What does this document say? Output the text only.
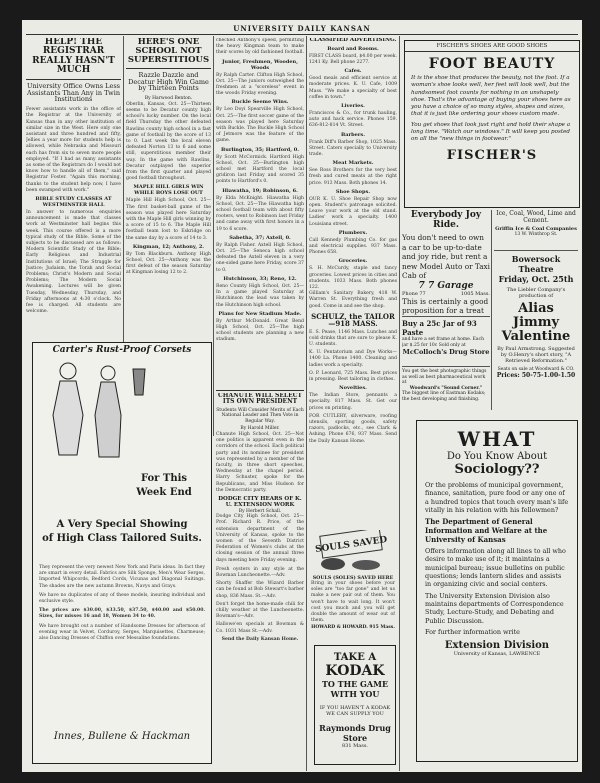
UNIVERSITY DAILY KANSAN
HELP! THE REGISTRAR REALLY HASN'T MUCH
University Office Owns Less Assistants Than Any in Twin Institutions
Fewer assistants work in the office of the Registrar at the University of Kansas than in any other institution of similar size in the West. Here only one assistant and three hundred and fifty, Jellies a year more for students help is allowed, while Nebraska and Missouri each has from six to seven more people employed. "If I had as many assistants as some of the Registrars do I would not know how to handle all of them," said Registrar Foster. "Again this morning, thanks to the student help now, I have been swamped with work."
BIBLE STUDY CLASSES AT WESTMINSTER HALL
In answer to numerous enquiries announcement is made that classes work at Westminster hall begins this week. This course offered is a more typical study of the Bible. Some of the subjects to be discussed are as follows: Modern Scientific Study of the Bible; Early Religious and Industrial Institutions of Israel; The Struggle for Justice; Judaism, the Torah and Social Problems; Christ's Modern and Social Problems; The Modern Social Awakening. Lectures will be given Tuesday, Wednesday, Thursday, and Friday afternoons at 4:30 o'clock. No fee is charged. All students are welcome.
HERE'S ONE SCHOOL NOT SUPERSTITIOUS
Razzle Dazzle and Decatur High Win Game by Thirteen Points
By Harwood Benton.
Oberlin, Kansas, Oct. 25—Thirteen seems to be Decatur county high school's lucky number. On the local field Thursday the other defeated Rawlins county high school in a fast game of football by the score of 13 to 0. Last week the local eleven defeated Norton 13 to 6 and some still, superstitious member their way. In the game with Rawlins, Decatur outplayed the superior from the first quarter and played good football throughout.
MAPLE HILL GIRLS WIN WHILE BOYS LOSE OUT
Maple Hill High School, Oct. 25—The first basket-ball game of the season was played here Saturday with the Maple Hill girls winning by a score of 15 to 6. The Maple Hill football team lost to Eskridge on the same day by a score of 14 to 3.
Kingman, 12; Anthony, 2.
By Tom Blackburn. Anthony High School, Oct. 25—Anthony was the first defeat of the season Saturday at Kingman losing 12 to 2.
checked Anthony's speed, permitting the heavy Kingman team to make their scores by old fashioned football.
Junior, Freshmen, Wooden, Woods
By Ralph Carter. Clifton High School, Oct. 25—The juniors outweighed the freshmen at a "scoreless" event in the woods Friday evening.
Buckle Seeme Wins.
By Leo Doyi Spearville High School, Oct. 25—The first soccer game of the season was played here Saturday with Buckle. The Buckle High School of Jetmore was the feature of the game.
Burlington, 35; Hartford, 0.
By Scott McCormick. Hartford High School, Oct. 25—Burlington high school met Hartford the local gridiron last Friday and scored 35 points to Hartford's 0.
Hiawatha, 19; Robinson, 6.
By Elda McKnight. Hiawatha High School, Oct. 25—The Hiawatha high school football team with about fifty rooters, went to Robinson last Friday and came away with first honors in a 19 to 6 score.
Sabetha, 37; Axtell, 0.
By Ralph Fisher. Axtell High School, Oct. 25—The Seneca high school defeated the Axtell eleven in a very one-sided game here Friday, score 37 to 0.
Hutchinson, 33; Reno, 12.
Reno County High School, Oct. 25—In a game played Saturday at Hutchinson the lead was taken by the Hutchinson high school.
Plans for New Stadium Made.
By Arthur McDonald. Great Bend High School, Oct. 25—The high school students are planning a new stadium.
CHANUTE WILL SELECT ITS OWN PRESIDENT
Students Will Consider Merits of Each National Leader and Then Vote in Regular Way.
By Harold Miller.
Chanute High School, Oct. 25—Not one politics is apparent even in the corridors of the school. Each political party and its nominee for president was represented by a member of the faculty, in three short speeches, Wednesday at the chapel period. Harry Schuster, spoke for the Republicans, and Miss Hudson for the Democratic party.
DODGE CITY HEARS OF K. U. EXTENSION WORK
By Herbert Schall.
Dodge City High School, Oct. 25—Prof. Richard R. Price, of the extension department of the University of Kansas, spoke to the women of the Seventh District Federation of Women's clubs at the closing session of the annual three days meeting here Friday evening.
Fresh oysters in any style at the Rowman Luncheonette.—Adv.
Shorty Shaffer the Wizard Barber can be found at Bob Stewart's barber shop, 836 Mass. St.—Adv.
Don't forget the home-made chili for chilly weather at the Luncheonette. Bowman's—Adv.
Hallowe'en specials at Bowman & Co. 1031 Mass St.—Adv.
Send the Daily Kansan Home.
CLASSIFIED ADVERTISING.
Board and Rooms.
FIRST CLASS board, $4.00 per week. 1241 Ky. Bell phone 2277.
Cafes.
Good meals and efficient service at moderate prices. K. U. Cafe, 1009 Mass. "We make a specialty of best coffee in town."
Liveries.
Franciscos & Co., for trunk hauling, auto and hack service. Phones 159. 636-812-814 Vt. Street.
Barbers.
Frank Diff's Barber Shop, 1025 Mass. Street. Caters specially to University trade.
Meat Markets.
See Ross Brothers for the very best fresh and cured meats at the right price. 913 Mass. Both phones 14.
Shoe Shops.
OUR K. U. Shoe Repair Shop now open. Student's patronage solicited. Leave your work at the old stand. Ladies' work a specialty. 1400 Louisiana street.
Plumbers.
Call Kennedy Plumbing Co. for gas and electrical supplies. 937 Mass. Phones 658.
Groceries.
S. H. McCurdy, staple and fancy groceries. Lowest prices in cities and students. 1033 Mass. Both phones 122.
Gilliam's Sanitary Bakery, 418 W. Warren St. Everything fresh and good. Come in and see the shop.
SCHULZ, the TAILOR—918 MASS.
E. S. Pease, 1146 Mass. Lunches and cold drinks that are sure to please K. U. students.
K. U. Pentatorium and Dye Works—1400 La. Phone 1400. Cleaning and ladies work a specialty.
O. P. Leonard, 725 Mass. Best prices in pressing. Best tailoring in clothes.
Novelties.
The Indian Store, pennants a specialty. 817 Mass. St. Get our prices on printing.
FOR CUTLERY, silverware, roofing utensils, sporting goods, safety razors, padlocks, etc., see Clark & Ashing. Phone 676, 937 Mass. Send the Daily Kansan Home.
SOULS SAVED
SOULS (SOLES) SAVED HERE
Bring in your shoes before your soles are "too far gone" and let us make a new pair out of them. You won't have to wait long. It won't cost you much and you will get double the amount of wear out of them.
HOWARD & HOWARD. 915 Mass.
TAKE A
KODAK
TO THE GAME
WITH YOU
IF YOU HAVEN'T A KODAK
WE CAN SUPPLY YOU
Raymonds Drug Store
831 Mass.
FISCHER'S SHOES ARE GOOD SHOES
FOOT BEAUTY
It is the shoe that produces the beauty, not the foot. If a woman's shoe looks well, her feet will look well, but the handsomest foot counts for nothing in an unshapely shoe. That's the advantage of buying your shoes here as you have a choice of so many styles, shapes and sizes, that it is just like ordering your shoes custom made.
You get shoes that look just right and hold their shape a long time. "Watch our windows." It will keep you posted on all the "new things in footwear."
FISCHER'S
Everybody Joy Ride.
You don't need to own a car to be up-to-date and joy ride, but rent a new Model Auto or Taxi Cab of
7 7 Garage
Phone 77	1005 Mass.
This is certainly a good proposition for a treat
Buy a 25c Jar of 93 Paste
and have a set frame at home. Each jar $.25 for 10c Sold only at
McColloch's Drug Store
You get the best photographic things as well as best pharmaceutical work at
Woodward's "Sound Corner."
The biggest line of Eastman Kodaks; the best developing and finishing.
Ice, Coal, Wood, Lime and Cement.
Griffin Ice & Coal Companies
13 W. Winthrop St.
Bowersock Theatre
Friday, Oct. 25th
The Liebler Company's production of
Alias
Jimmy
Valentine
By Paul Armstrong. Suggested by O.Henry's short story, "A Retrieved Reformation."
Seats on sale at Woodward & CO.
Prices: 50-75-1.00-1.50
Carter's Rust-Proof Corsets
For This
Week End
A Very Special Showing
of High Class Tailored Suits.
They represent the very newest New York and Paris ideas. In fact they are smart in every detail. Fabrics are Silk Sponge, Men's Wear Serges, Imported Whipcords, Bedford Cords, Vicunas and Diagonal Suitings. The shades are the new autumn Browns, Navys and Grays.
We have no duplicates of any of these models, insuring individual and exclusive style.
The prices are $30.00, $33.50, $37.50, $40.00 and $50.00. Sizes, for misses 16 and 18, Women 34 to 40.
We have brought out a number of Handsome Dresses for afternoon of evening wear in Velvet, Corduroy, Serges, Marquisettes, Charmeuse; also Dancing Dresses of Chiffon over Messaline foundations.
Innes, Bullene & Hackman
WHAT
Do You Know About
Sociology??
Or the problems of municipal government, finance, sanitation, pure food or any one of a hundred topics that touch every man's life vitally in his relation with his fellowmen?
The Department of General Information and Welfare at the University of Kansas
Offers information along all lines to all who desire to make use of it; it maintains a municipal bureau; issue bulletins on public questions; lends lantern slides and assists in organizing civic and social centers.
The University Extension Division also maintains departments of Correspondence Study, Lecture-Study, and Debating and Public Discussion.
For further information write
Extension Division
University of Kansas, LAWRENCE
